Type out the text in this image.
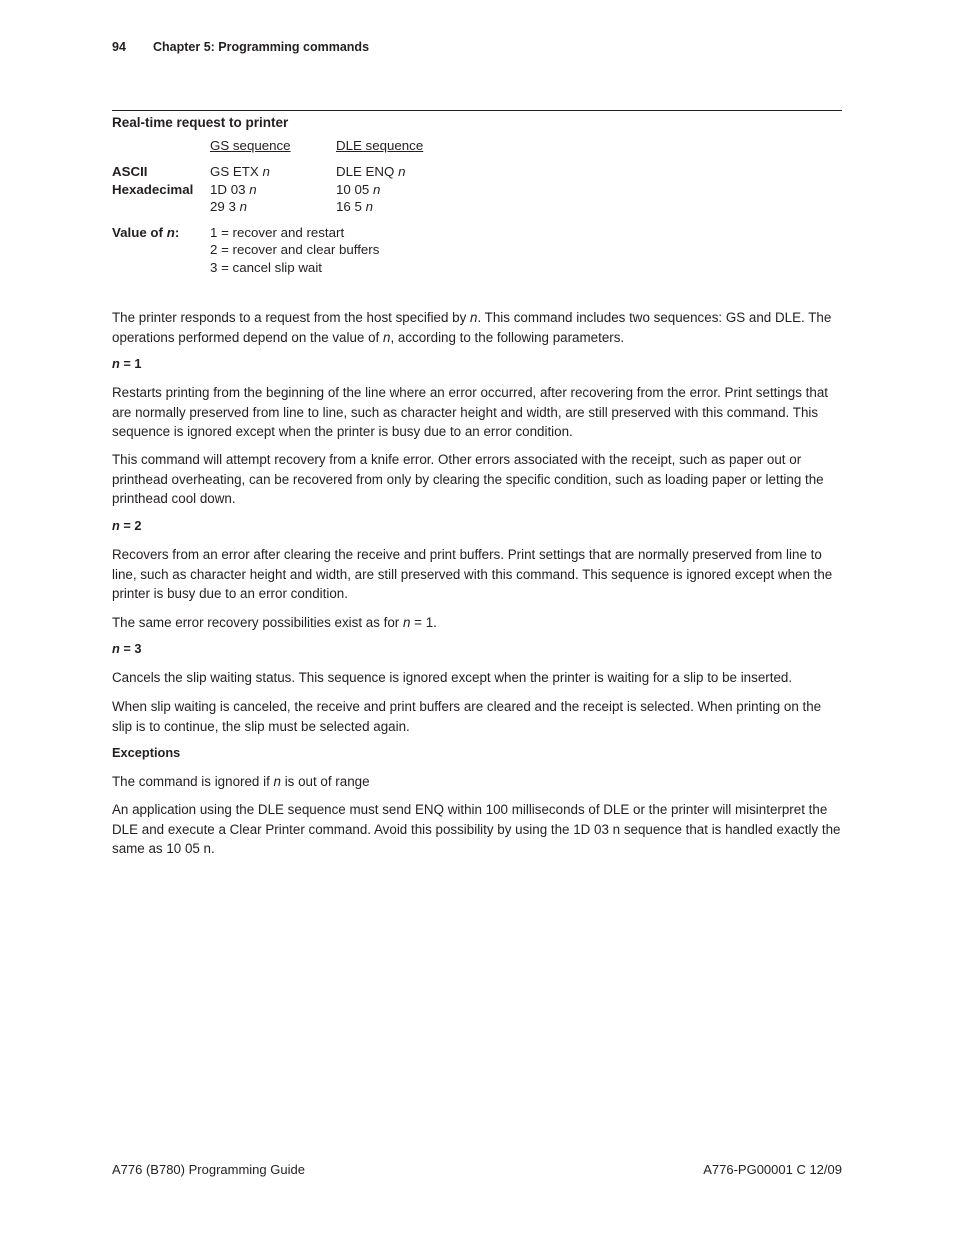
94 Chapter 5: Programming commands
Real-time request to printer
GS sequence	DLE sequence
ASCII	GS ETX n	DLE ENQ n
Hexadecimal 1D 03 n	10 05 n
29 3 n	16 5 n
Value of n: 1 = recover and restart
2 = recover and clear buffers
3 = cancel slip wait
The printer responds to a request from the host specified by n. This command includes two sequences: GS and DLE. The operations performed depend on the value of n, according to the following parameters.
n = 1
Restarts printing from the beginning of the line where an error occurred, after recovering from the error. Print settings that are normally preserved from line to line, such as character height and width, are still preserved with this command. This sequence is ignored except when the printer is busy due to an error condition.
This command will attempt recovery from a knife error. Other errors associated with the receipt, such as paper out or printhead overheating, can be recovered from only by clearing the specific condition, such as loading paper or letting the printhead cool down.
n = 2
Recovers from an error after clearing the receive and print buffers. Print settings that are normally preserved from line to line, such as character height and width, are still preserved with this command. This sequence is ignored except when the printer is busy due to an error condition.
The same error recovery possibilities exist as for n = 1.
n = 3
Cancels the slip waiting status. This sequence is ignored except when the printer is waiting for a slip to be inserted.
When slip waiting is canceled, the receive and print buffers are cleared and the receipt is selected. When printing on the slip is to continue, the slip must be selected again.
Exceptions
The command is ignored if n is out of range
An application using the DLE sequence must send ENQ within 100 milliseconds of DLE or the printer will misinterpret the DLE and execute a Clear Printer command. Avoid this possibility by using the 1D 03 n sequence that is handled exactly the same as 10 05 n.
A776 (B780) Programming Guide	A776-PG00001 C 12/09
